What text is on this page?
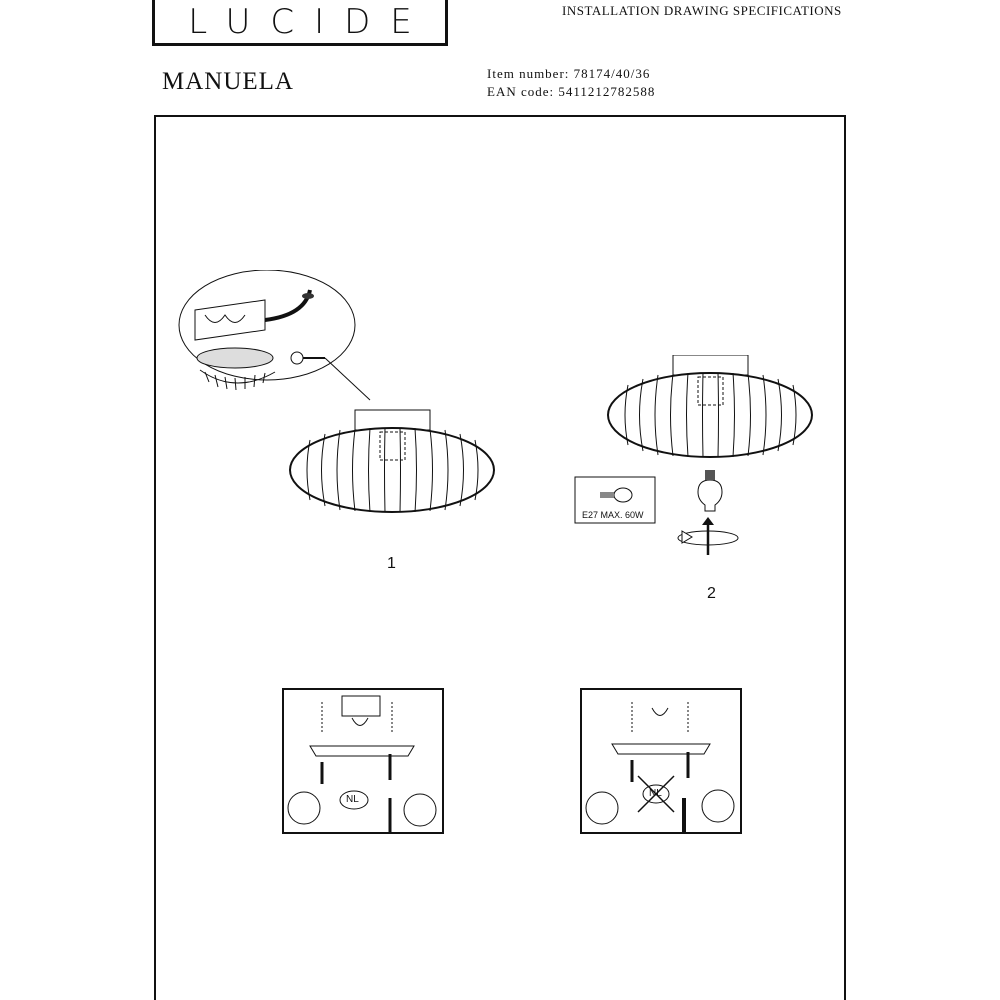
LUCIDE	INSTALLATION DRAWING SPECIFICATIONS
MANUELA	Item number: 78174/40/36
EAN code: 5411212782588
1
E27 MAX. 60W
2
NL
NL
